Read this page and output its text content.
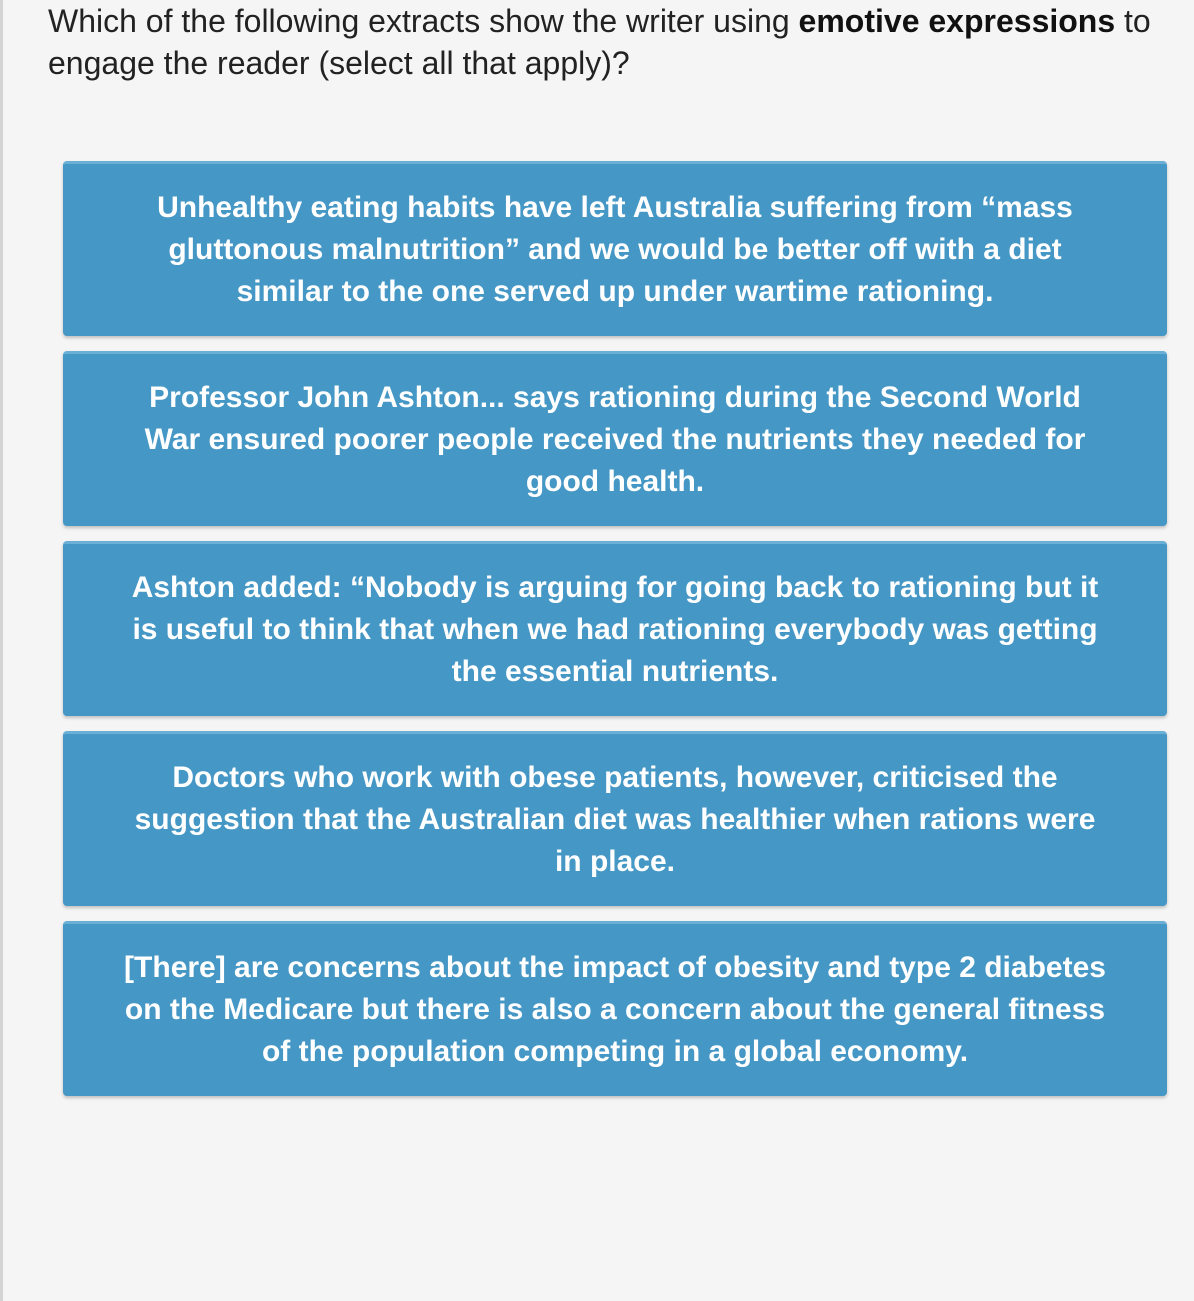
Which of the following extracts show the writer using emotive expressions to engage the reader (select all that apply)?
Unhealthy eating habits have left Australia suffering from “mass gluttonous malnutrition” and we would be better off with a diet similar to the one served up under wartime rationing.
Professor John Ashton... says rationing during the Second World War ensured poorer people received the nutrients they needed for good health.
Ashton added: “Nobody is arguing for going back to rationing but it is useful to think that when we had rationing everybody was getting the essential nutrients.
Doctors who work with obese patients, however, criticised the suggestion that the Australian diet was healthier when rations were in place.
[There] are concerns about the impact of obesity and type 2 diabetes on the Medicare but there is also a concern about the general fitness of the population competing in a global economy.
